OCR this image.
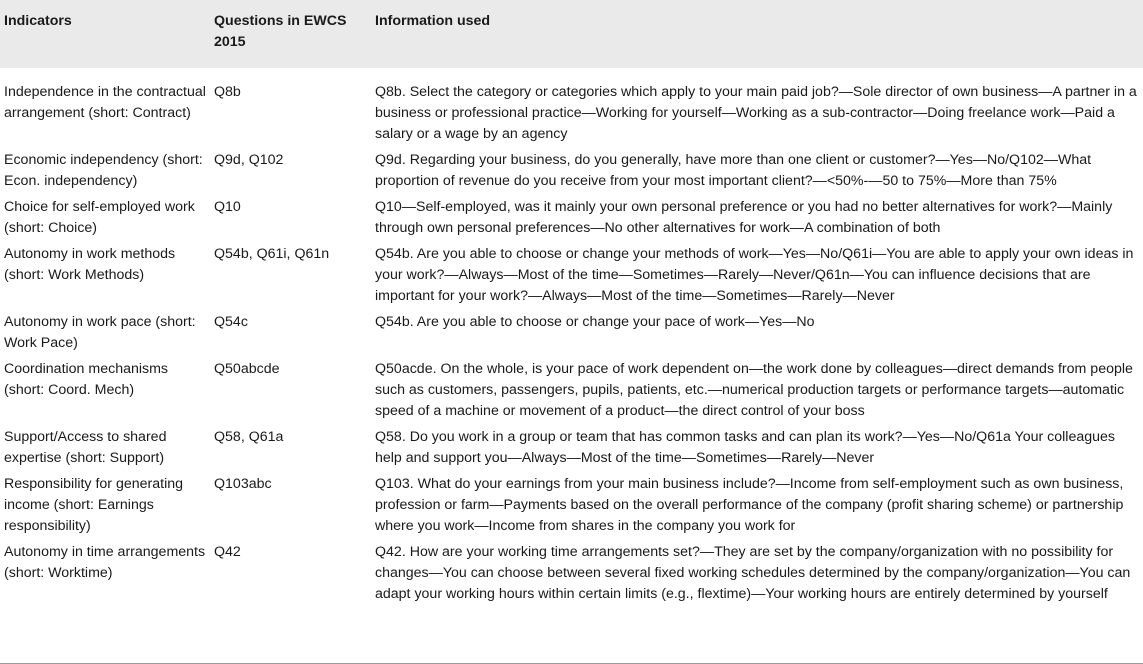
Indicators	Questions in EWCS 2015	Information used
Independence in the contractual arrangement (short: Contract)	Q8b	Q8b. Select the category or categories which apply to your main paid job?—Sole director of own business—A partner in a business or professional practice—Working for yourself—Working as a sub-contractor—Doing freelance work—Paid a salary or a wage by an agency
Economic independency (short: Econ. independency)	Q9d, Q102	Q9d. Regarding your business, do you generally, have more than one client or customer?—Yes—No/Q102—What proportion of revenue do you receive from your most important client?—<50%-—50 to 75%—More than 75%
Choice for self-employed work (short: Choice)	Q10	Q10—Self-employed, was it mainly your own personal preference or you had no better alternatives for work?—Mainly through own personal preferences—No other alternatives for work—A combination of both
Autonomy in work methods (short: Work Methods)	Q54b, Q61i, Q61n	Q54b. Are you able to choose or change your methods of work—Yes—No/Q61i—You are able to apply your own ideas in your work?—Always—Most of the time—Sometimes—Rarely—Never/Q61n—You can influence decisions that are important for your work?—Always—Most of the time—Sometimes—Rarely—Never
Autonomy in work pace (short: Work Pace)	Q54c	Q54b. Are you able to choose or change your pace of work—Yes—No
Coordination mechanisms (short: Coord. Mech)	Q50abcde	Q50acde. On the whole, is your pace of work dependent on—the work done by colleagues—direct demands from people such as customers, passengers, pupils, patients, etc.—numerical production targets or performance targets—automatic speed of a machine or movement of a product—the direct control of your boss
Support/Access to shared expertise (short: Support)	Q58, Q61a	Q58. Do you work in a group or team that has common tasks and can plan its work?—Yes—No/Q61a Your colleagues help and support you—Always—Most of the time—Sometimes—Rarely—Never
Responsibility for generating income (short: Earnings responsibility)	Q103abc	Q103. What do your earnings from your main business include?—Income from self-employment such as own business, profession or farm—Payments based on the overall performance of the company (profit sharing scheme) or partnership where you work—Income from shares in the company you work for
Autonomy in time arrangements (short: Worktime)	Q42	Q42. How are your working time arrangements set?—They are set by the company/organization with no possibility for changes—You can choose between several fixed working schedules determined by the company/organization—You can adapt your working hours within certain limits (e.g., flextime)—Your working hours are entirely determined by yourself
